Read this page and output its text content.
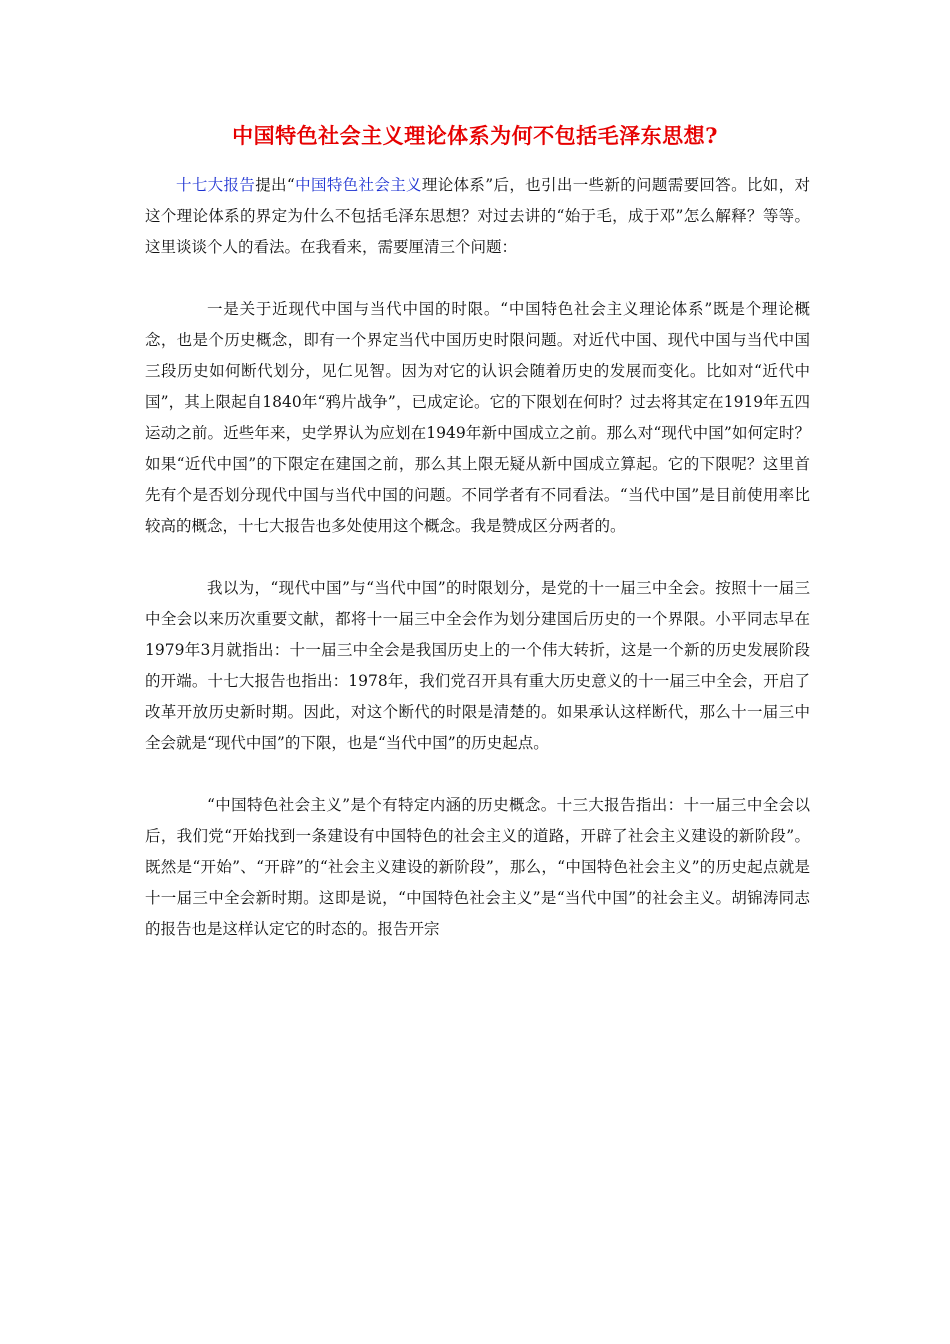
中国特色社会主义理论体系为何不包括毛泽东思想?

十七大报告提出“中国特色社会主义理论体系”后，也引出一些新的问题需要回答。比如，对这个理论体系的界定为什么不包括毛泽东思想？对过去讲的“始于毛，成于邓”怎么解释？等等。这里谈谈个人的看法。在我看来，需要厘清三个问题：

一是关于近现代中国与当代中国的时限。“中国特色社会主义理论体系”既是个理论概念，也是个历史概念，即有一个界定当代中国历史时限问题。对近代中国、现代中国与当代中国三段历史如何断代划分，见仁见智。因为对它的认识会随着历史的发展而变化。比如对“近代中国”，其上限起自1840年“鸦片战争”，已成定论。它的下限划在何时？过去将其定在1919年五四运动之前。近些年来，史学界认为应划在1949年新中国成立之前。那么对“现代中国”如何定时？如果“近代中国”的下限定在建国之前，那么其上限无疑从新中国成立算起。它的下限呢？这里首先有个是否划分现代中国与当代中国的问题。不同学者有不同看法。“当代中国”是目前使用率比较高的概念，十七大报告也多处使用这个概念。我是赞成区分两者的。

我以为，“现代中国”与“当代中国”的时限划分，是党的十一届三中全会。按照十一届三中全会以来历次重要文献，都将十一届三中全会作为划分建国后历史的一个界限。小平同志早在1979年3月就指出：十一届三中全会是我国历史上的一个伟大转折，这是一个新的历史发展阶段的开端。十七大报告也指出：1978年，我们党召开具有重大历史意义的十一届三中全会，开启了改革开放历史新时期。因此，对这个断代的时限是清楚的。如果承认这样断代，那么十一届三中全会就是“现代中国”的下限，也是“当代中国”的历史起点。

“中国特色社会主义”是个有特定内涵的历史概念。十三大报告指出：十一届三中全会以后，我们党“开始找到一条建设有中国特色的社会主义的道路，开辟了社会主义建设的新阶段”。既然是“开始”、“开辟”的“社会主义建设的新阶段”，那么，“中国特色社会主义”的历史起点就是十一届三中全会新时期。这即是说，“中国特色社会主义”是“当代中国”的社会主义。胡锦涛同志的报告也是这样认定它的时态的。报告开宗
